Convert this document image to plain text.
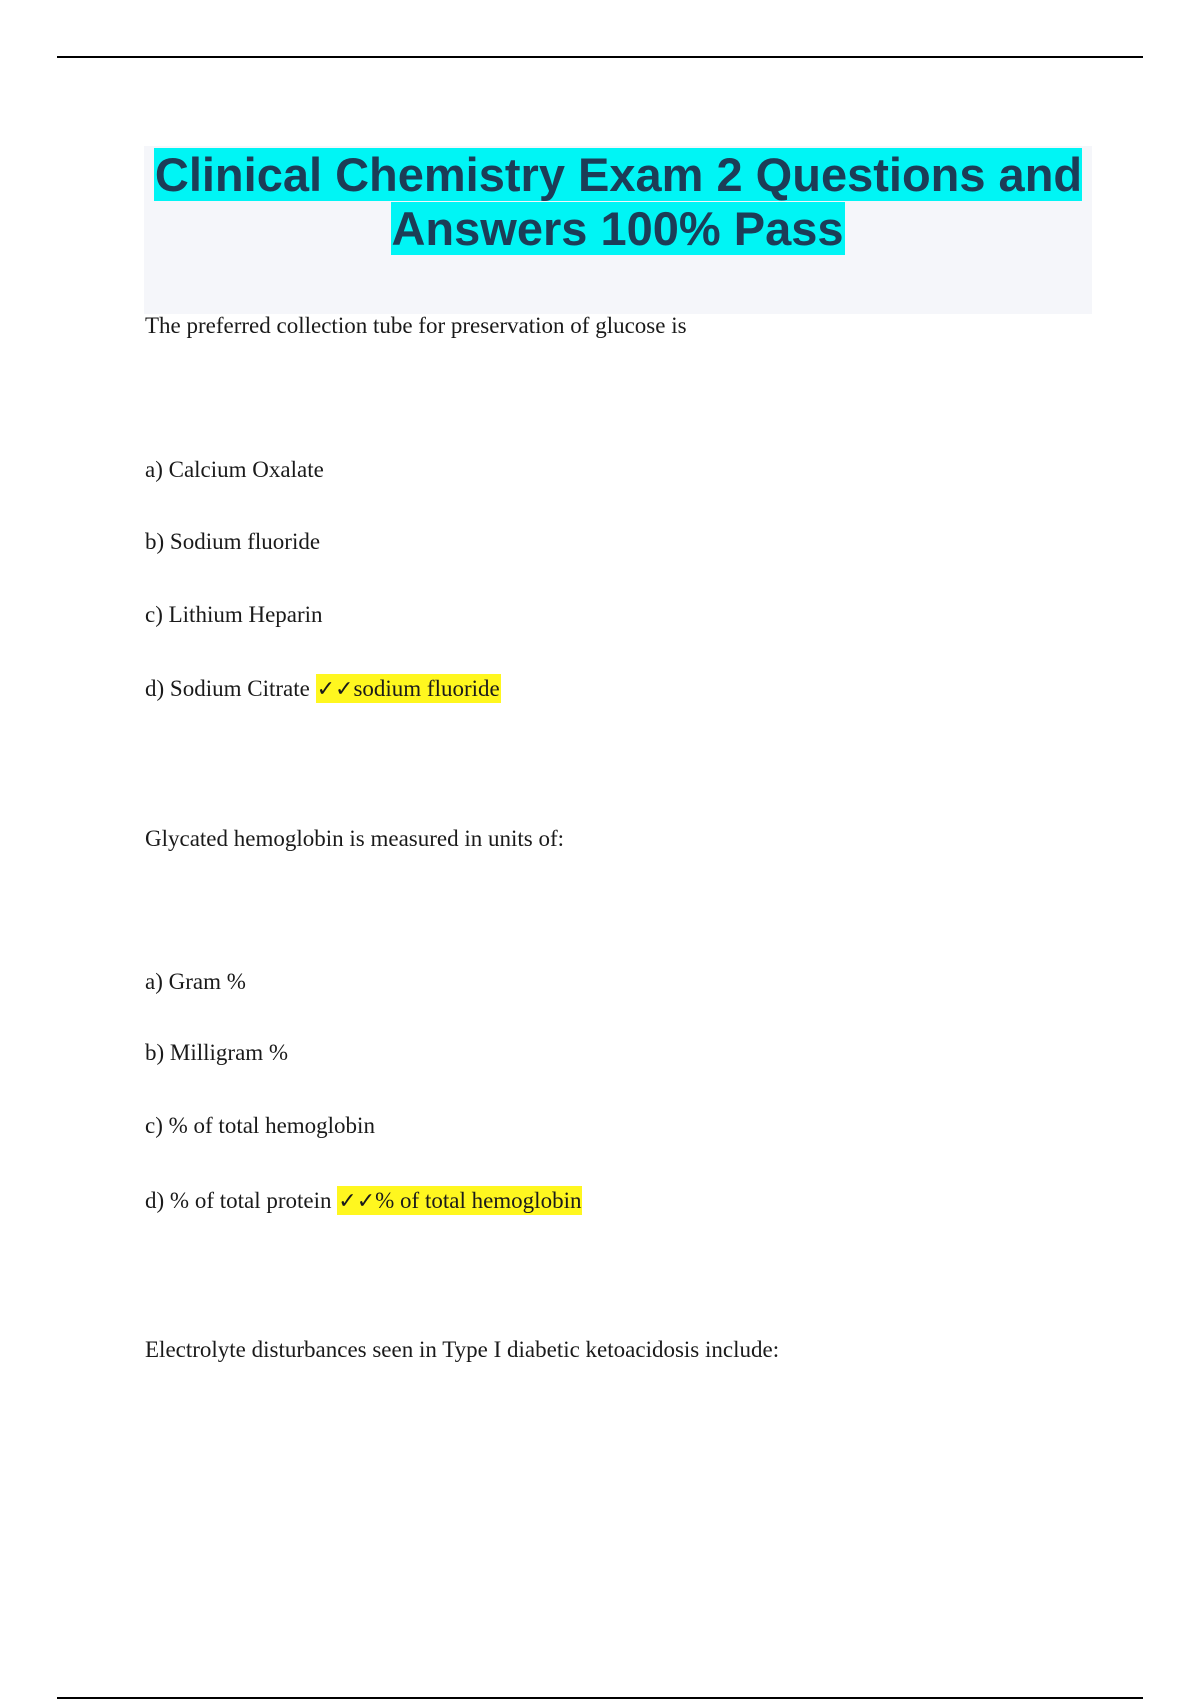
Clinical Chemistry Exam 2 Questions and Answers 100% Pass

The preferred collection tube for preservation of glucose is

a) Calcium Oxalate

b) Sodium fluoride

c) Lithium Heparin

d) Sodium Citrate ✓✓sodium fluoride

Glycated hemoglobin is measured in units of:

a) Gram %

b) Milligram %

c) % of total hemoglobin

d) % of total protein ✓✓% of total hemoglobin

Electrolyte disturbances seen in Type I diabetic ketoacidosis include:
